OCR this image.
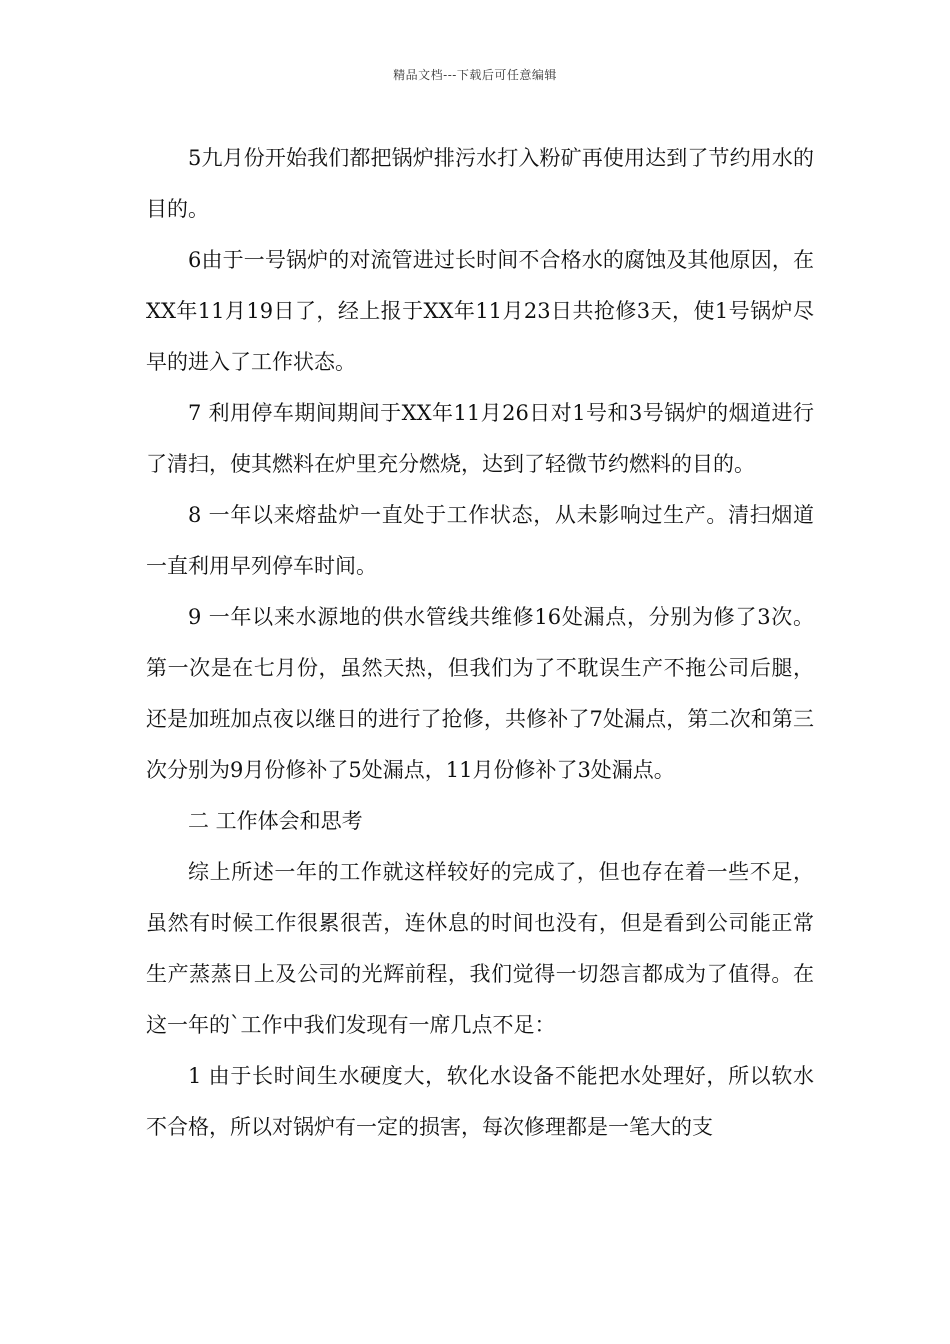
精品文档---下载后可任意编辑

5九月份开始我们都把锅炉排污水打入粉矿再使用达到了节约用水的目的。

6由于一号锅炉的对流管进过长时间不合格水的腐蚀及其他原因，在XX年11月19日了，经上报于XX年11月23日共抢修3天，使1号锅炉尽早的进入了工作状态。

7 利用停车期间期间于XX年11月26日对1号和3号锅炉的烟道进行了清扫，使其燃料在炉里充分燃烧，达到了轻微节约燃料的目的。

8 一年以来熔盐炉一直处于工作状态，从未影响过生产。清扫烟道一直利用早列停车时间。

9 一年以来水源地的供水管线共维修16处漏点，分别为修了3次。第一次是在七月份，虽然天热，但我们为了不耽误生产不拖公司后腿，还是加班加点夜以继日的进行了抢修，共修补了7处漏点，第二次和第三次分别为9月份修补了5处漏点，11月份修补了3处漏点。

二 工作体会和思考

综上所述一年的工作就这样较好的完成了，但也存在着一些不足，虽然有时候工作很累很苦，连休息的时间也没有，但是看到公司能正常生产蒸蒸日上及公司的光辉前程，我们觉得一切怨言都成为了值得。在这一年的`工作中我们发现有一席几点不足：

1 由于长时间生水硬度大，软化水设备不能把水处理好，所以软水不合格，所以对锅炉有一定的损害，每次修理都是一笔大的支
